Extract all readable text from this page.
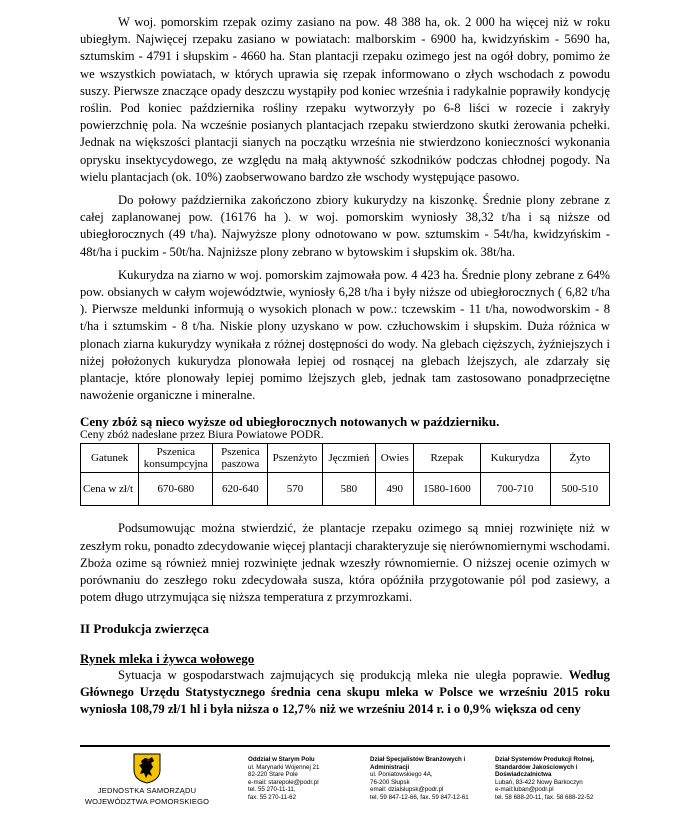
W woj. pomorskim rzepak ozimy zasiano na pow. 48 388 ha, ok. 2 000 ha więcej niż w roku ubiegłym. Najwięcej rzepaku zasiano w powiatach: malborskim - 6900 ha, kwidzyńskim - 5690 ha, sztumskim - 4791 i słupskim - 4660 ha. Stan plantacji rzepaku ozimego jest na ogół dobry, pomimo że we wszystkich powiatach, w których uprawia się rzepak informowano o złych wschodach z powodu suszy. Pierwsze znaczące opady deszczu wystąpiły pod koniec września i radykalnie poprawiły kondycję roślin. Pod koniec października rośliny rzepaku wytworzyły po 6-8 liści w rozecie i zakryły powierzchnię pola. Na wcześnie posianych plantacjach rzepaku stwierdzono skutki żerowania pchełki. Jednak na większości plantacji sianych na początku września nie stwierdzono konieczności wykonania oprysku insektycydowego, ze względu na małą aktywność szkodników podczas chłodnej pogody. Na wielu plantacjach (ok. 10%) zaobserwowano bardzo złe wschody występujące pasowo.

Do połowy października zakończono zbiory kukurydzy na kiszonkę. Średnie plony zebrane z całej zaplanowanej pow. (16176 ha ). w woj. pomorskim wyniosły 38,32 t/ha i są niższe od ubiegłorocznych (49 t/ha). Najwyższe plony odnotowano w pow. sztumskim - 54t/ha, kwidzyńskim - 48t/ha i puckim - 50t/ha. Najniższe plony zebrano w bytowskim i słupskim ok. 38t/ha.

Kukurydza na ziarno w woj. pomorskim zajmowała pow. 4 423 ha. Średnie plony zebrane z 64% pow. obsianych w całym województwie, wyniosły 6,28 t/ha i były niższe od ubiegłorocznych ( 6,82 t/ha ). Pierwsze meldunki informują o wysokich plonach w pow.: tczewskim - 11 t/ha, nowodworskim - 8 t/ha i sztumskim - 8 t/ha. Niskie plony uzyskano w pow. człuchowskim i słupskim. Duża różnica w plonach ziarna kukurydzy wynikała z różnej dostępności do wody. Na glebach cięższych, żyźniejszych i niżej położonych kukurydza plonowała lepiej od rosnącej na glebach lżejszych, ale zdarzały się plantacje, które plonowały lepiej pomimo lżejszych gleb, jednak tam zastosowano ponadprzeciętne nawożenie organiczne i mineralne.

Ceny zbóż są nieco wyższe od ubiegłorocznych notowanych w październiku.

Ceny zbóż nadesłane przez Biura Powiatowe PODR.

Gatunek	Pszenica konsumpcyjna	Pszenica paszowa	Pszenżyto	Jęczmień	Owies	Rzepak	Kukurydza	Żyto
Cena w zł/t	670-680	620-640	570	580	490	1580-1600	700-710	500-510

Podsumowując można stwierdzić, że plantacje rzepaku ozimego są mniej rozwinięte niż w zeszłym roku, ponadto zdecydowanie więcej plantacji charakteryzuje się nierównomiernymi wschodami. Zboża ozime są również mniej rozwinięte jednak wzeszły równomiernie. O niższej ocenie ozimych w porównaniu do zeszłego roku zdecydowała susza, która opóźniła przygotowanie pól pod zasiewy, a potem długo utrzymująca się niższa temperatura z przymrozkami.

II Produkcja zwierzęca

Rynek mleka i żywca wołowego

Sytuacja w gospodarstwach zajmujących się produkcją mleka nie uległa poprawie. Według Głównego Urzędu Statystycznego średnia cena skupu mleka w Polsce we wrześniu 2015 roku wyniosła 108,79 zł/1 hl i była niższa o 12,7% niż we wrześniu 2014 r. i o 0,9% większa od ceny

JEDNOSTKA SAMORZĄDU
WOJEWÓDZTWA POMORSKIEGO
Oddział w Starym Polu
ul. Marynarki Wojennej 21
82-220 Stare Pole
e-mail: starepole@podr.pl
tel. 55 270-11-11,
fax. 55 270-11-62
Dział Specjalistów Branżowych i Administracji
ul. Poniatowskiego 4A,
76-200 Słupsk
email: dzialslupsk@podr.pl
tel. 59 847-12-66, fax. 59 847-12-61
Dział Systemów Produkcji Rolnej, Standardów Jakościowych i Doświadczalnictwa
Lubań, 83-422 Nowy Barkoczyn
e-mail:luban@podr.pl
tel. 58 688-20-11, fax. 58 688-22-52
